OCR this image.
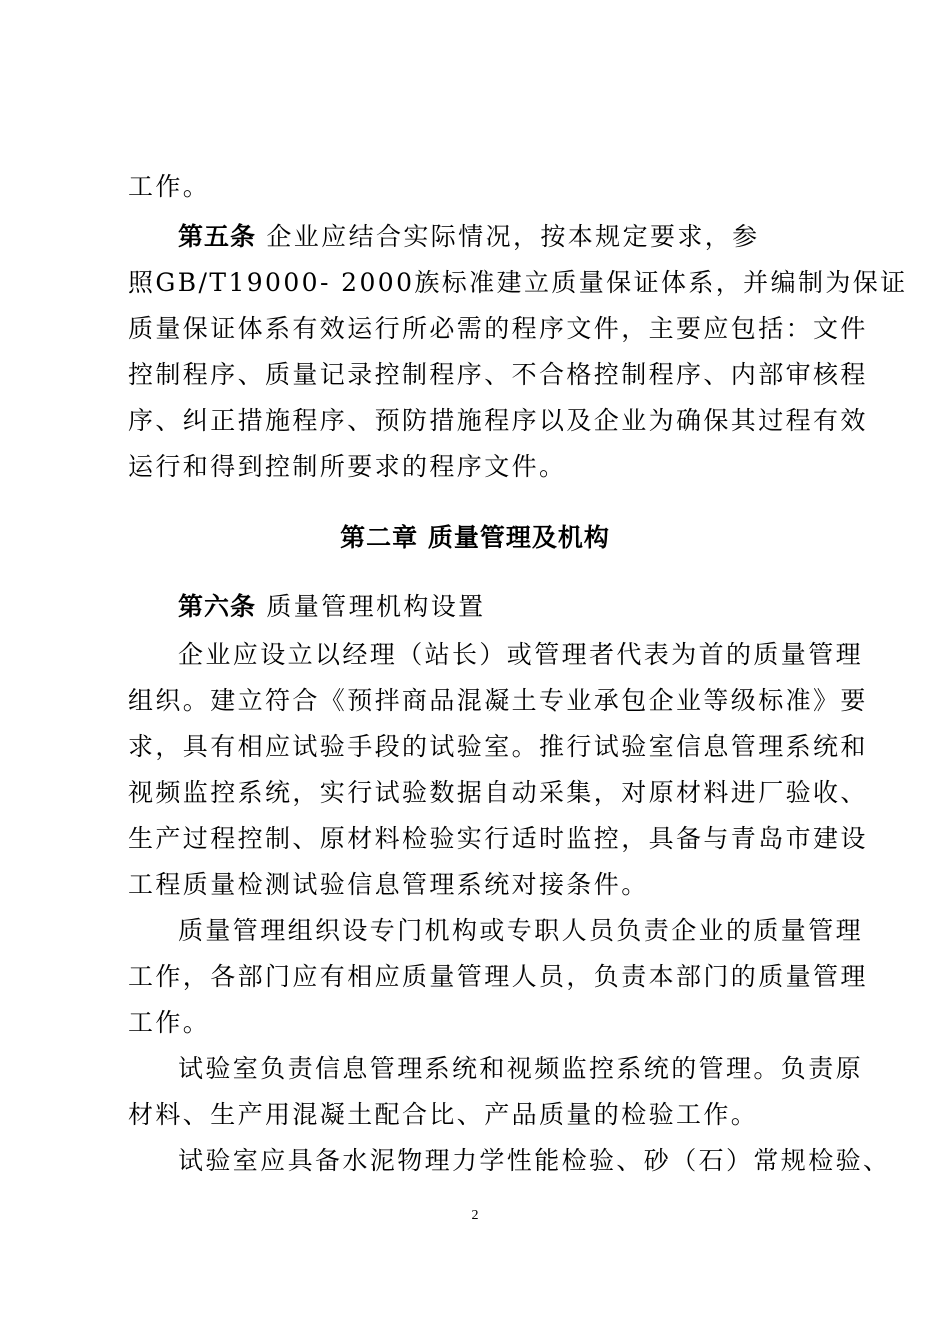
工作。
第五条 企业应结合实际情况，按本规定要求，参
照GB/T19000- 2000族标准建立质量保证体系，并编制为保证
质量保证体系有效运行所必需的程序文件，主要应包括：文件
控制程序、质量记录控制程序、不合格控制程序、内部审核程
序、纠正措施程序、预防措施程序以及企业为确保其过程有效
运行和得到控制所要求的程序文件。
第二章 质量管理及机构
第六条 质量管理机构设置
企业应设立以经理（站长）或管理者代表为首的质量管理
组织。建立符合《预拌商品混凝土专业承包企业等级标准》要
求，具有相应试验手段的试验室。推行试验室信息管理系统和
视频监控系统，实行试验数据自动采集，对原材料进厂验收、
生产过程控制、原材料检验实行适时监控，具备与青岛市建设
工程质量检测试验信息管理系统对接条件。
质量管理组织设专门机构或专职人员负责企业的质量管理
工作，各部门应有相应质量管理人员，负责本部门的质量管理
工作。
试验室负责信息管理系统和视频监控系统的管理。负责原
材料、生产用混凝土配合比、产品质量的检验工作。
试验室应具备水泥物理力学性能检验、砂（石）常规检验、
2
